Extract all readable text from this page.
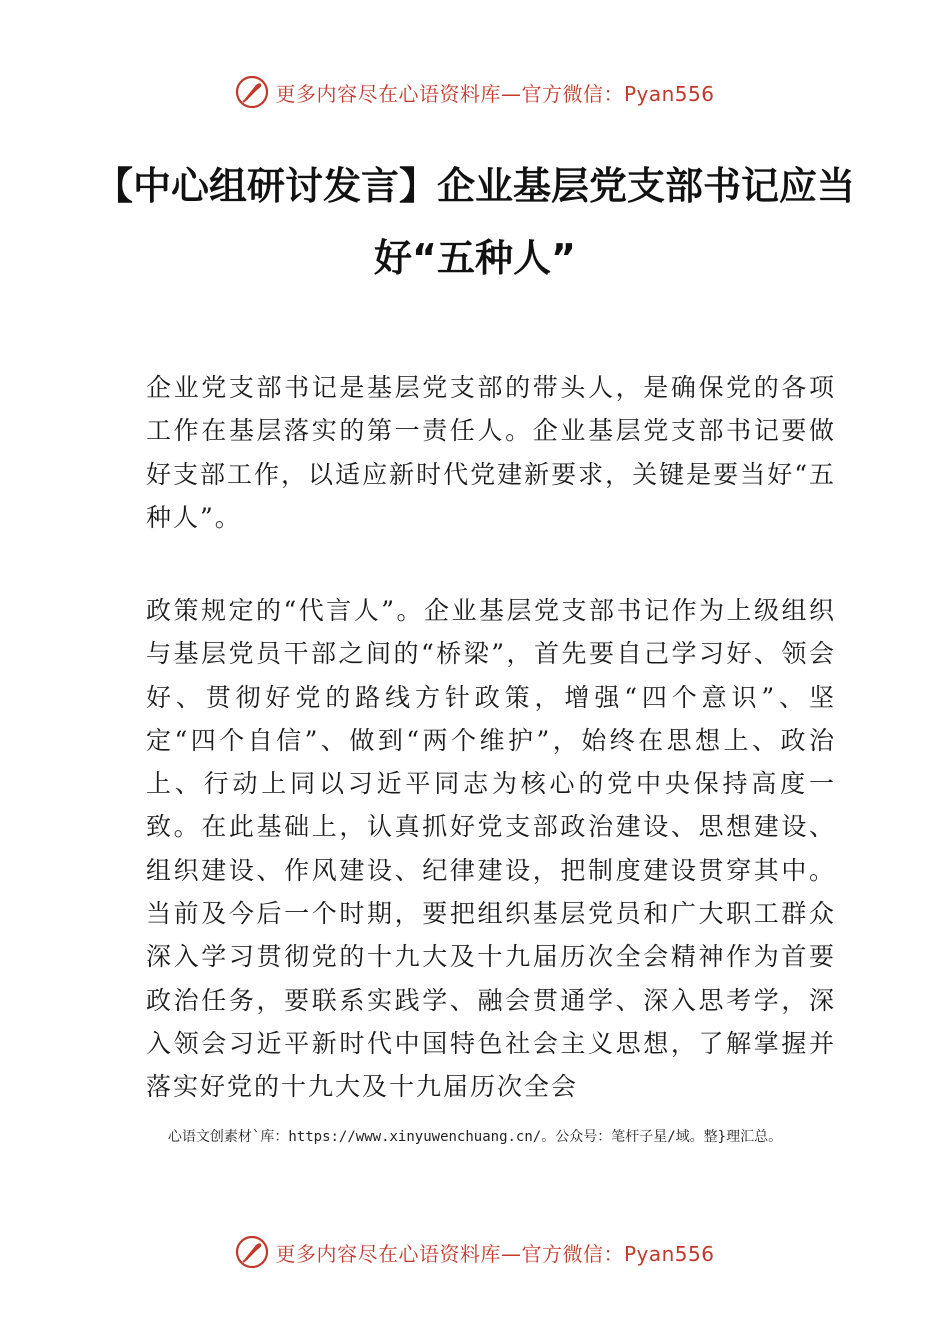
更多内容尽在心语资料库—官方微信：Pyan556
【中心组研讨发言】企业基层党支部书记应当好“五种人”

企业党支部书记是基层党支部的带头人，是确保党的各项工作在基层落实的第一责任人。企业基层党支部书记要做好支部工作，以适应新时代党建新要求，关键是要当好“五种人”。

政策规定的“代言人”。企业基层党支部书记作为上级组织与基层党员干部之间的“桥梁”，首先要自己学习好、领会好、贯彻好党的路线方针政策，增强“四个意识”、坚定“四个自信”、做到“两个维护”，始终在思想上、政治上、行动上同以习近平同志为核心的党中央保持高度一致。在此基础上，认真抓好党支部政治建设、思想建设、组织建设、作风建设、纪律建设，把制度建设贯穿其中。当前及今后一个时期，要把组织基层党员和广大职工群众深入学习贯彻党的十九大及十九届历次全会精神作为首要政治任务，要联系实践学、融会贯通学、深入思考学，深入领会习近平新时代中国特色社会主义思想，了解掌握并落实好党的十九大及十九届历次全会

心语文创素材`库：https://www.xinyuwenchuang.cn/。公众号：笔杆子星/域。整}理汇总。
更多内容尽在心语资料库—官方微信：Pyan556
